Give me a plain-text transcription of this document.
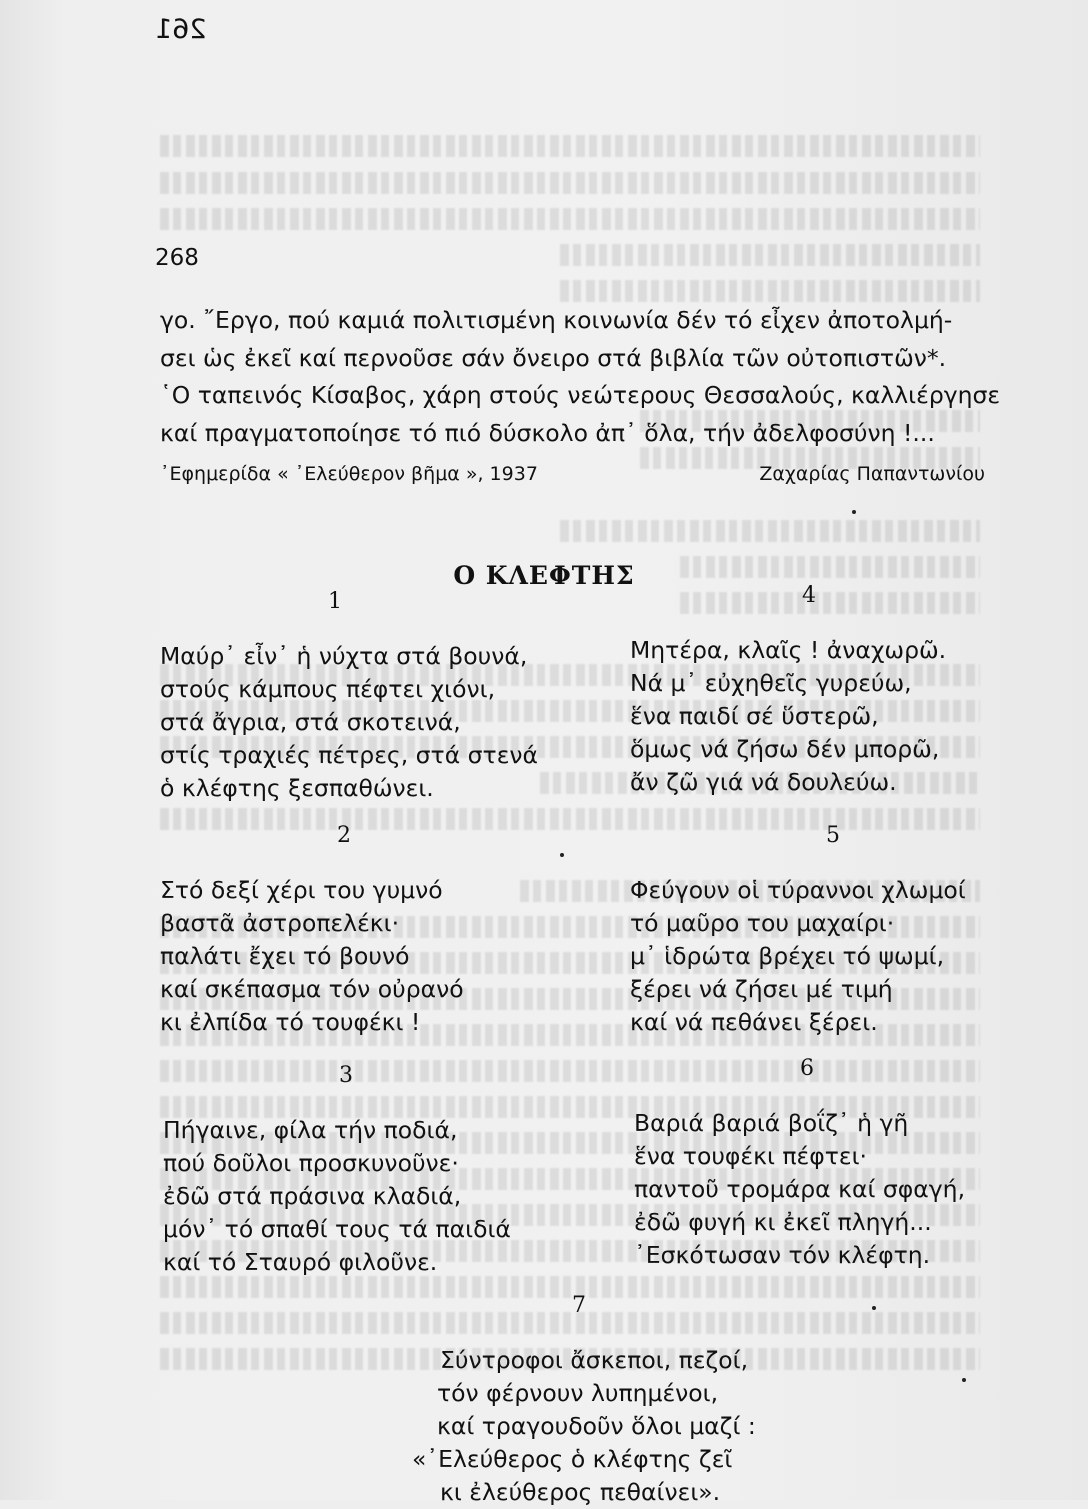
261
268
γο. ῎Εργο, πού καμιά πολιτισμένη κοινωνία δέν τό εἶχεν ἀποτολμή-
σει ὡς ἐκεῖ καί περνοῦσε σάν ὄνειρο στά βιβλία τῶν οὐτοπιστῶν*.
῾Ο ταπεινός Κίσαβος, χάρη στούς νεώτερους Θεσσαλούς, καλλιέργησε
καί πραγματοποίησε τό πιό δύσκολο ἀπ᾽ ὅλα, τήν ἀδελφοσύνη !...
᾽Εφημερίδα « ᾽Ελεύθερον βῆμα », 1937	Ζαχαρίας Παπαντωνίου
Ο ΚΛΕΦΤΗΣ
1
Μαύρ᾽ εἶν᾽ ἡ νύχτα στά βουνά,
στούς κάμπους πέφτει χιόνι,
στά ἄγρια, στά σκοτεινά,
στίς τραχιές πέτρες, στά στενά
ὁ κλέφτης ξεσπαθώνει.
4
Μητέρα, κλαῖς ! ἀναχωρῶ.
Νά μ᾽ εὐχηθεῖς γυρεύω,
ἕνα παιδί σέ ὕστερῶ,
ὅμως νά ζήσω δέν μπορῶ,
ἄν ζῶ γιά νά δουλεύω.
2
Στό δεξί χέρι του γυμνό
βαστᾶ ἀστροπελέκι·
παλάτι ἔχει τό βουνό
καί σκέπασμα τόν οὐρανό
κι ἐλπίδα τό τουφέκι !
5
Φεύγουν οἱ τύραννοι χλωμοί
τό μαῦρο του μαχαίρι·
μ᾽ ἱδρώτα βρέχει τό ψωμί,
ξέρει νά ζήσει μέ τιμή
καί νά πεθάνει ξέρει.
3
Πήγαινε, φίλα τήν ποδιά,
πού δοῦλοι προσκυνοῦνε·
ἐδῶ στά πράσινα κλαδιά,
μόν᾽ τό σπαθί τους τά παιδιά
καί τό Σταυρό φιλοῦνε.
6
Βαριά βαριά βοΐζ᾽ ἡ γῆ
ἕνα τουφέκι πέφτει·
παντοῦ τρομάρα καί σφαγή,
ἐδῶ φυγή κι ἐκεῖ πληγή...
᾽Εσκότωσαν τόν κλέφτη.
7
Σύντροφοι ἄσκεποι, πεζοί,
τόν φέρνουν λυπημένοι,
καί τραγουδοῦν ὅλοι μαζί :
«᾽Ελεύθερος ὁ κλέφτης ζεῖ
κι ἐλεύθερος πεθαίνει».
